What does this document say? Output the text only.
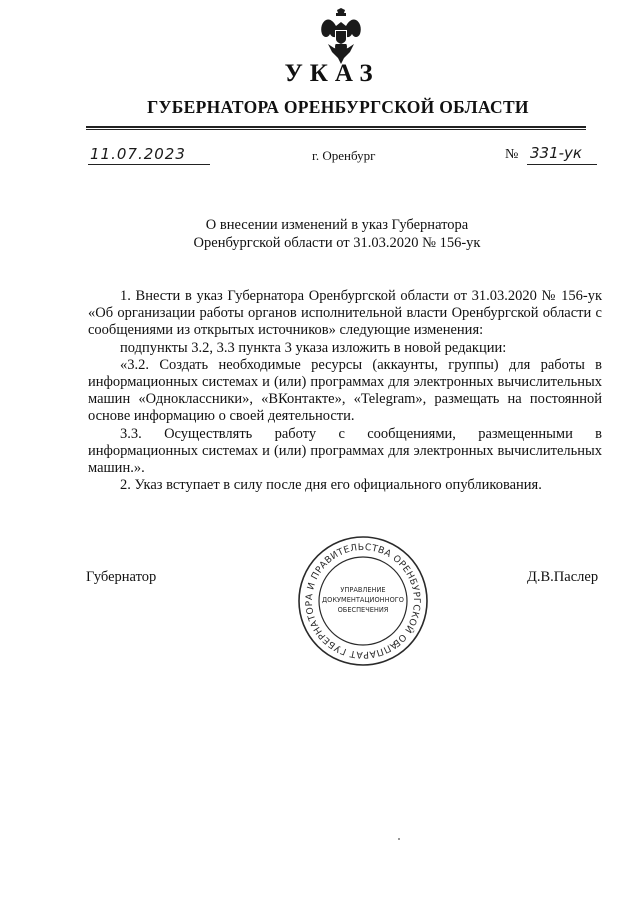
УКАЗ
ГУБЕРНАТОРА ОРЕНБУРГСКОЙ ОБЛАСТИ
11.07.2023	г. Оренбург	№ 331-ук
О внесении изменений в указ Губернатора
Оренбургской области от 31.03.2020 № 156-ук

1. Внести в указ Губернатора Оренбургской области от 31.03.2020 № 156-ук «Об организации работы органов исполнительной власти Оренбургской области с сообщениями из открытых источников» следующие изменения:

подпункты 3.2, 3.3 пункта 3 указа изложить в новой редакции:

«3.2. Создать необходимые ресурсы (аккаунты, группы) для работы в информационных системах и (или) программах для электронных вычислительных машин «Одноклассники», «ВКонтакте», «Telegram», размещать на постоянной основе информацию о своей деятельности.

3.3. Осуществлять работу с сообщениями, размещенными в информационных системах и (или) программах для электронных вычислительных машин.».

2. Указ вступает в силу после дня его официального опубликования.

Губернатор	Д.В.Паслер
АППАРАТ ГУБЕРНАТОРА И ПРАВИТЕЛЬСТВА ОРЕНБУРГСКОЙ ОБЛАСТИ
УПРАВЛЕНИЕ
ДОКУМЕНТАЦИОННОГО
ОБЕСПЕЧЕНИЯ
